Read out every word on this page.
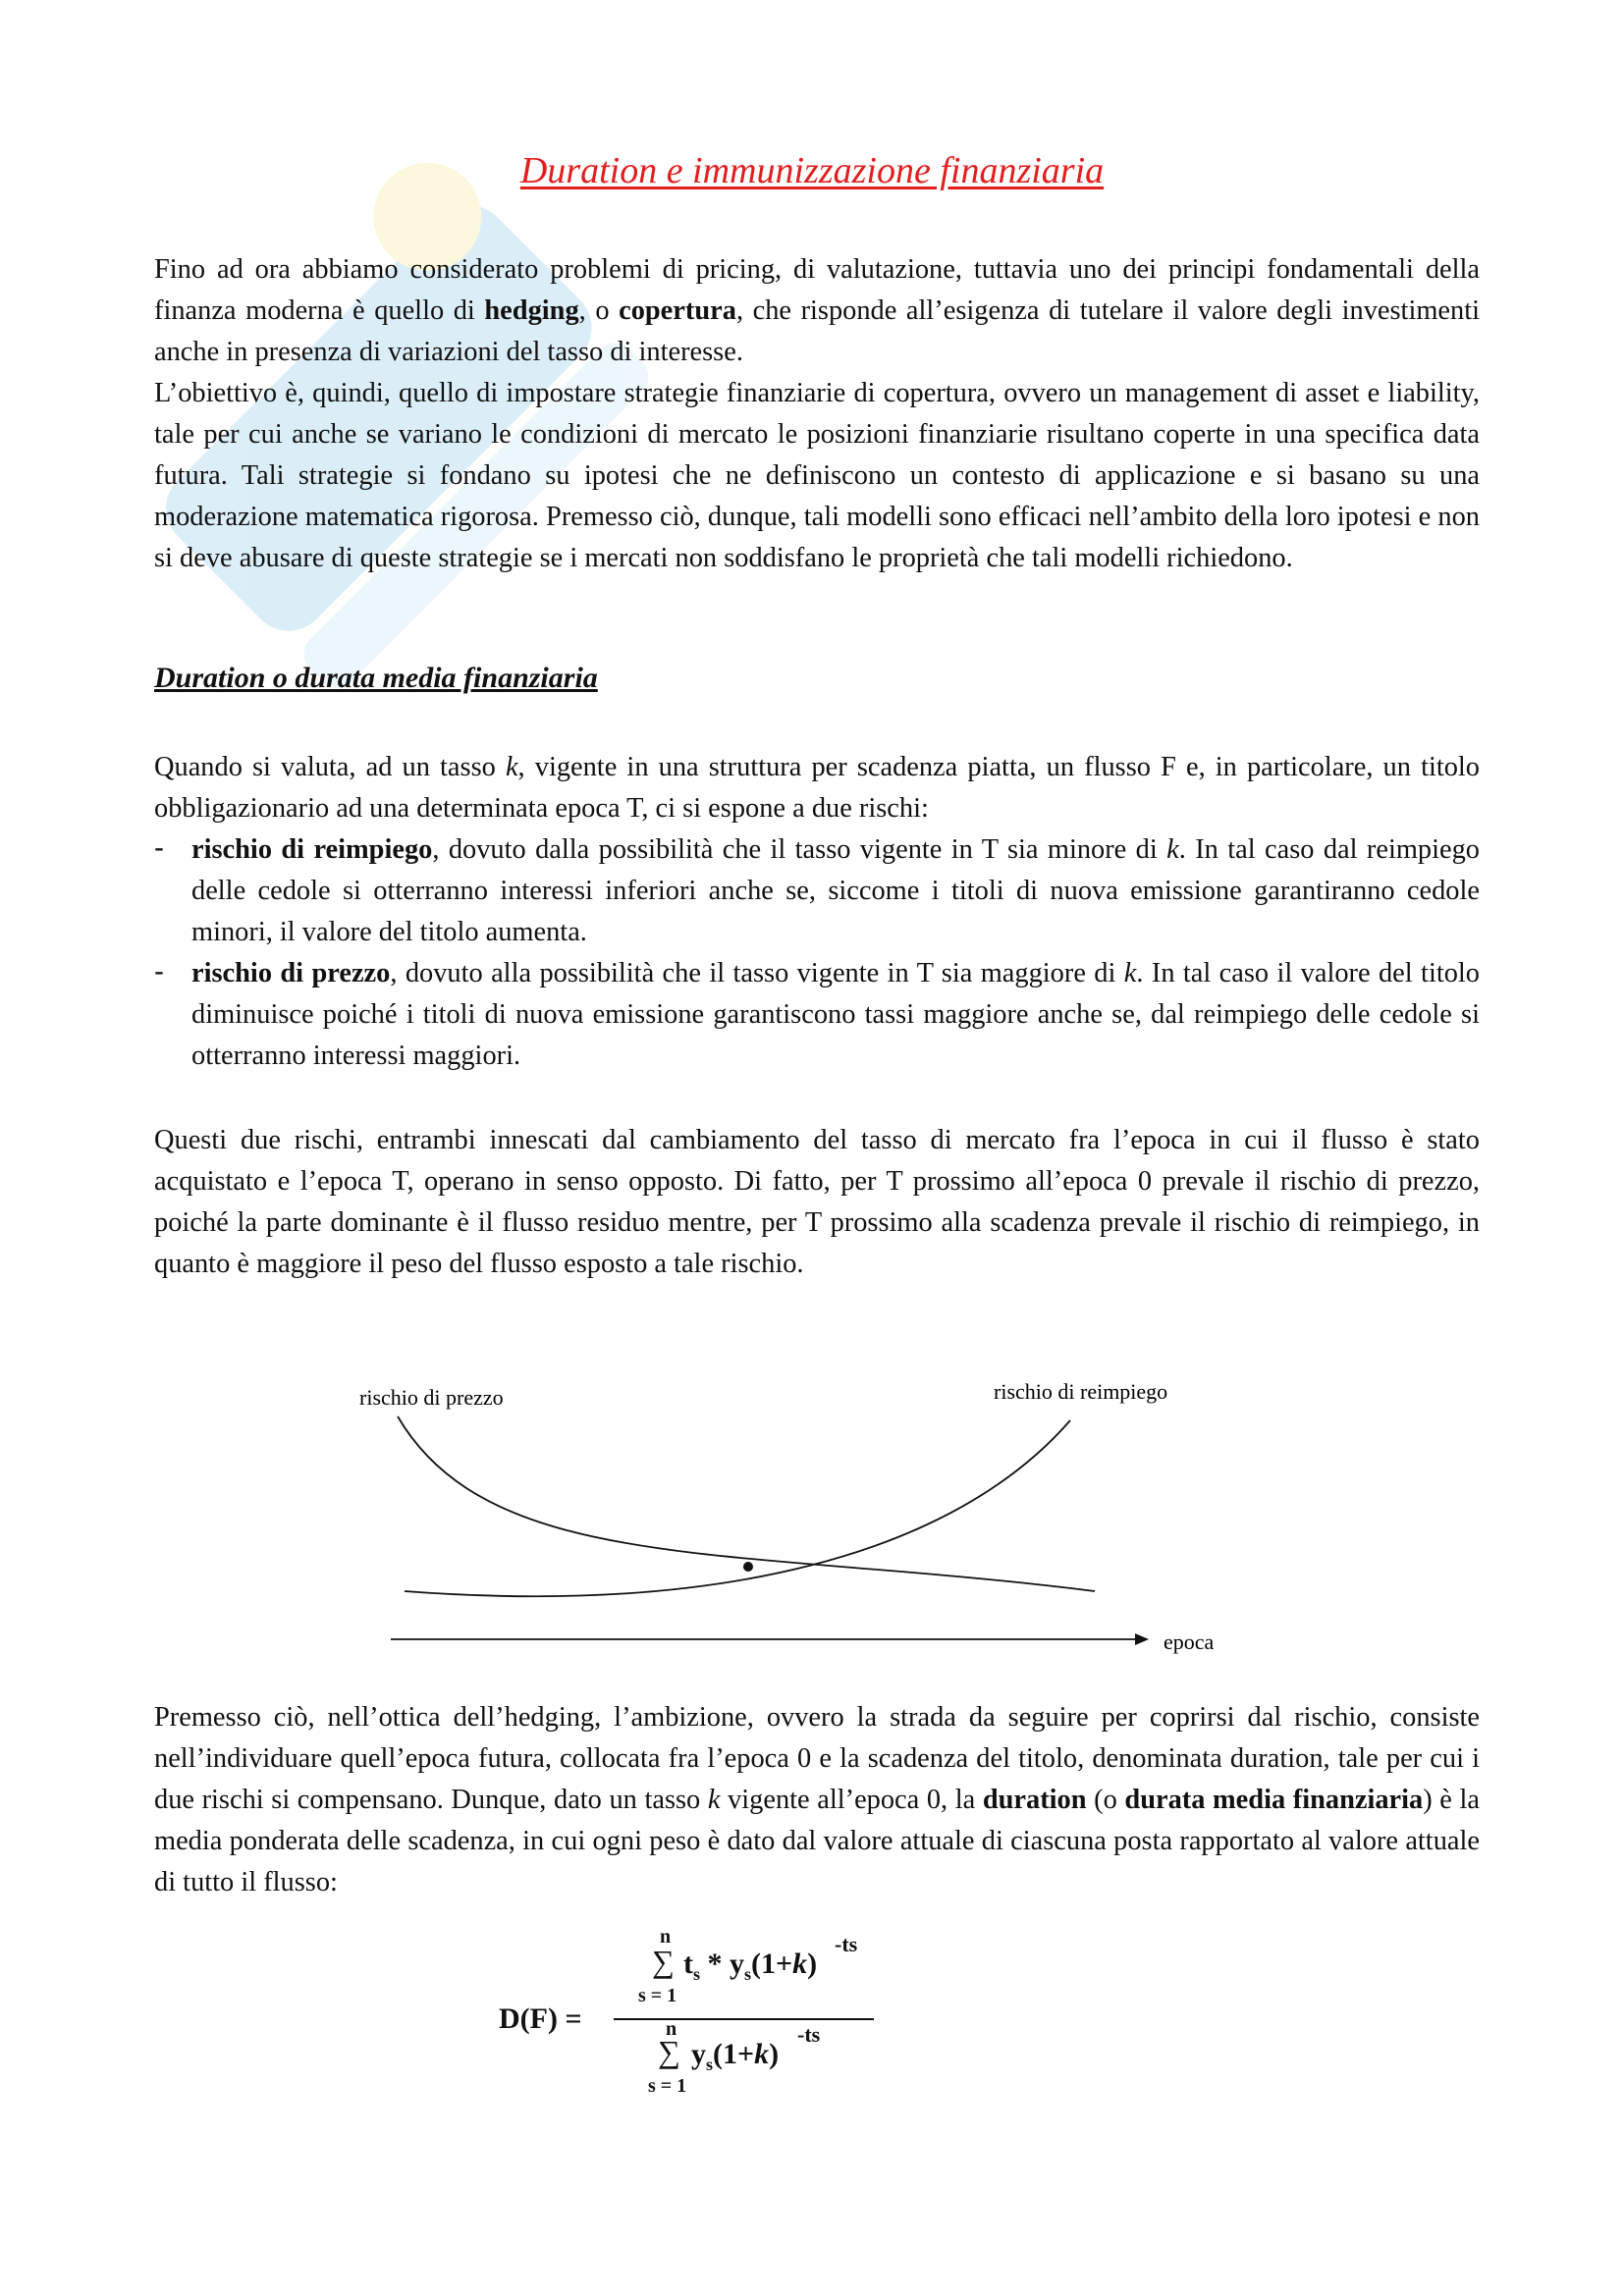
Duration e immunizzazione finanziaria

Fino ad ora abbiamo considerato problemi di pricing, di valutazione, tuttavia uno dei principi fondamentali della finanza moderna è quello di hedging, o copertura, che risponde all’esigenza di tutelare il valore degli investimenti anche in presenza di variazioni del tasso di interesse.

L’obiettivo è, quindi, quello di impostare strategie finanziarie di copertura, ovvero un management di asset e liability, tale per cui anche se variano le condizioni di mercato le posizioni finanziarie risultano coperte in una specifica data futura. Tali strategie si fondano su ipotesi che ne definiscono un contesto di applicazione e si basano su una moderazione matematica rigorosa. Premesso ciò, dunque, tali modelli sono efficaci nell’ambito della loro ipotesi e non si deve abusare di queste strategie se i mercati non soddisfano le proprietà che tali modelli richiedono.

Duration o durata media finanziaria

Quando si valuta, ad un tasso k, vigente in una struttura per scadenza piatta, un flusso F e, in particolare, un titolo obbligazionario ad una determinata epoca T, ci si espone a due rischi:

- rischio di reimpiego, dovuto dalla possibilità che il tasso vigente in T sia minore di k. In tal caso dal reimpiego delle cedole si otterranno interessi inferiori anche se, siccome i titoli di nuova emissione garantiranno cedole minori, il valore del titolo aumenta.
- rischio di prezzo, dovuto alla possibilità che il tasso vigente in T sia maggiore di k. In tal caso il valore del titolo diminuisce poiché i titoli di nuova emissione garantiscono tassi maggiore anche se, dal reimpiego delle cedole si otterranno interessi maggiori.
Questi due rischi, entrambi innescati dal cambiamento del tasso di mercato fra l’epoca in cui il flusso è stato acquistato e l’epoca T, operano in senso opposto. Di fatto, per T prossimo all’epoca 0 prevale il rischio di prezzo, poiché la parte dominante è il flusso residuo mentre, per T prossimo alla scadenza prevale il rischio di reimpiego, in quanto è maggiore il peso del flusso esposto a tale rischio.
rischio di prezzo	rischio di reimpiego
epoca

Premesso ciò, nell’ottica dell’hedging, l’ambizione, ovvero la strada da seguire per coprirsi dal rischio, consiste nell’individuare quell’epoca futura, collocata fra l’epoca 0 e la scadenza del titolo, denominata duration, tale per cui i due rischi si compensano. Dunque, dato un tasso k vigente all’epoca 0, la duration (o durata media finanziaria) è la media ponderata delle scadenza, in cui ogni peso è dato dal valore attuale di ciascuna posta rapportato al valore attuale di tutto il flusso:

D(F) =
n
∑
s = 1
$t_s * y_s(1+k)$
-ts
n
∑
s = 1
$y_s(1+k)$
-ts
